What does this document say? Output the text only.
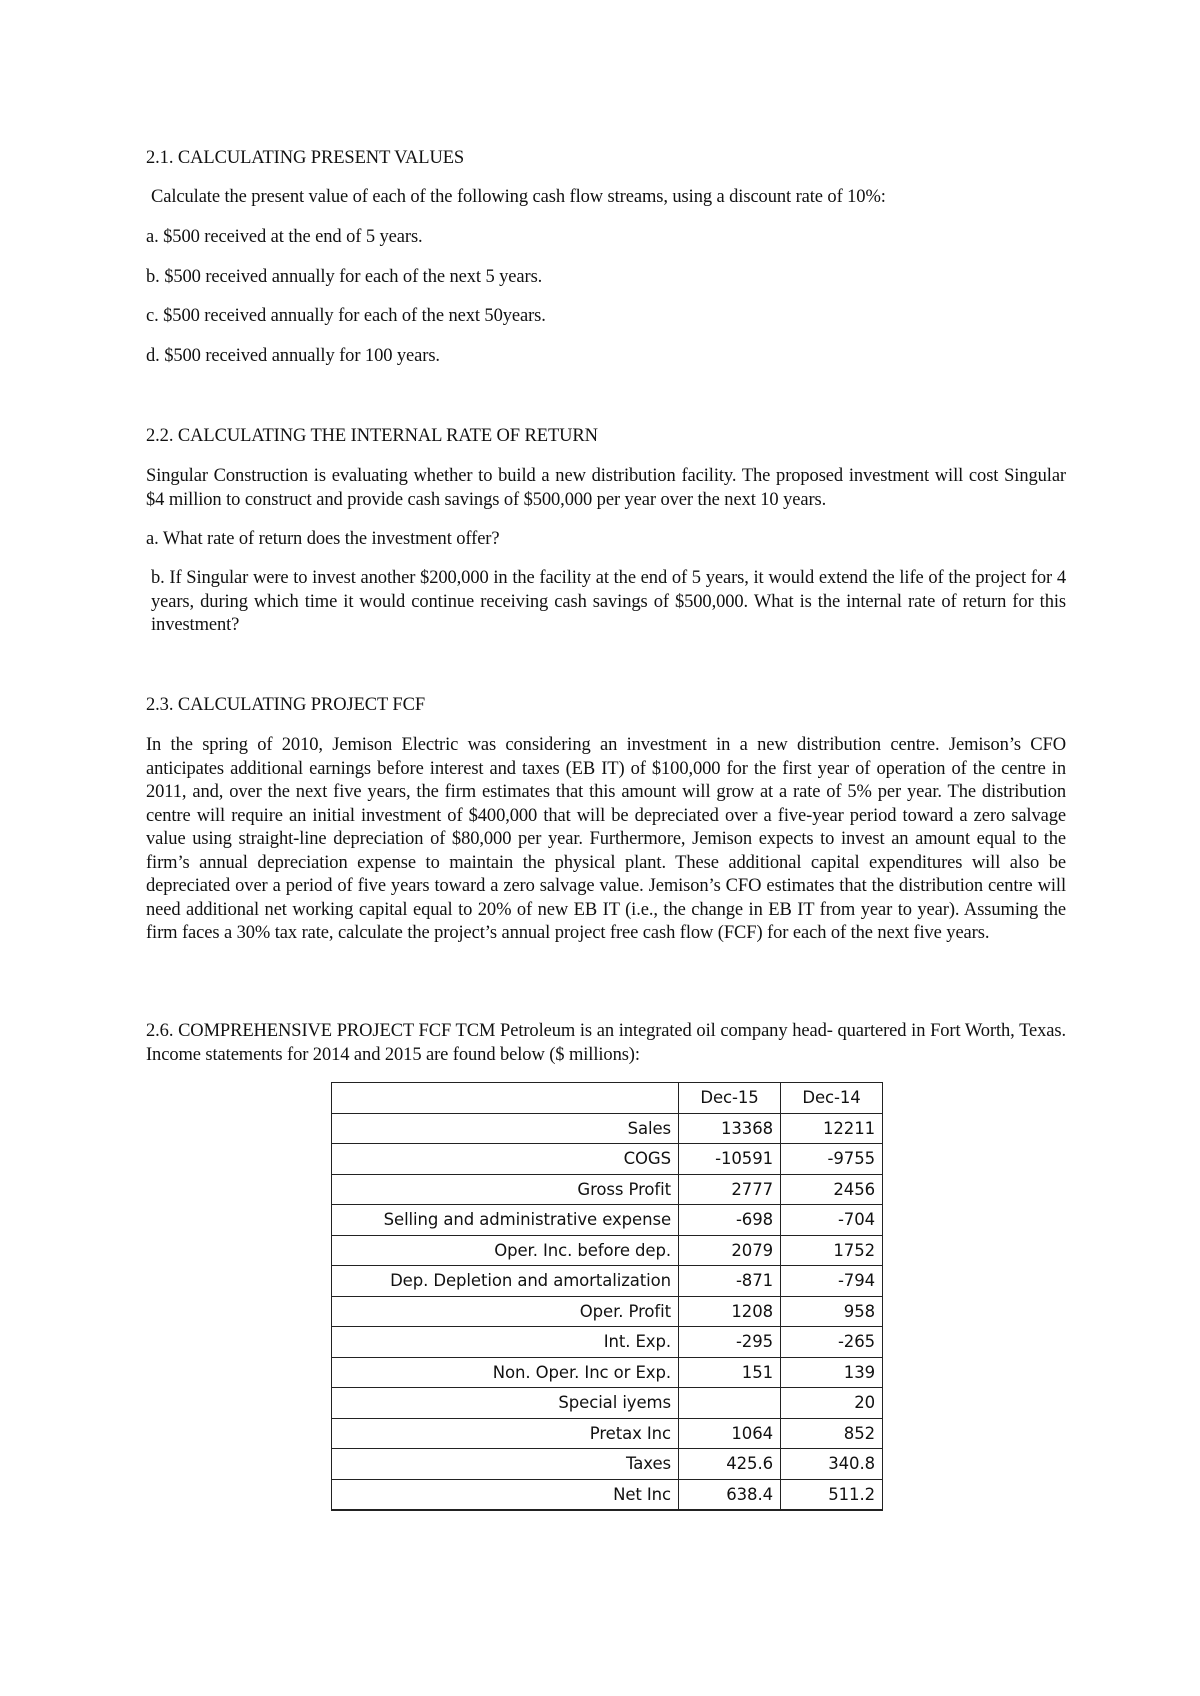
2.1. CALCULATING PRESENT VALUES
Calculate the present value of each of the following cash flow streams, using a discount rate of 10%:
a. $500 received at the end of 5 years.
b. $500 received annually for each of the next 5 years.
c. $500 received annually for each of the next 50years.
d. $500 received annually for 100 years.
2.2. CALCULATING THE INTERNAL RATE OF RETURN
Singular Construction is evaluating whether to build a new distribution facility. The proposed investment will cost Singular $4 million to construct and provide cash savings of $500,000 per year over the next 10 years.
a. What rate of return does the investment offer?
b. If Singular were to invest another $200,000 in the facility at the end of 5 years, it would extend the life of the project for 4 years, during which time it would continue receiving cash savings of $500,000. What is the internal rate of return for this investment?
2.3. CALCULATING PROJECT FCF
In the spring of 2010, Jemison Electric was considering an investment in a new distribution centre. Jemison’s CFO anticipates additional earnings before interest and taxes (EB IT) of $100,000 for the first year of operation of the centre in 2011, and, over the next five years, the firm estimates that this amount will grow at a rate of 5% per year. The distribution centre will require an initial investment of $400,000 that will be depreciated over a five-year period toward a zero salvage value using straight-line depreciation of $80,000 per year. Furthermore, Jemison expects to invest an amount equal to the firm’s annual depreciation expense to maintain the physical plant. These additional capital expenditures will also be depreciated over a period of five years toward a zero salvage value. Jemison’s CFO estimates that the distribution centre will need additional net working capital equal to 20% of new EB IT (i.e., the change in EB IT from year to year). Assuming the firm faces a 30% tax rate, calculate the project’s annual project free cash flow (FCF) for each of the next five years.
2.6. COMPREHENSIVE PROJECT FCF TCM Petroleum is an integrated oil company head- quartered in Fort Worth, Texas. Income statements for 2014 and 2015 are found below ($ millions):
	Dec-15	Dec-14
Sales	13368	12211
COGS	-10591	-9755
Gross Profit	2777	2456
Selling and administrative expense	-698	-704
Oper. Inc. before dep.	2079	1752
Dep. Depletion and amortalization	-871	-794
Oper. Profit	1208	958
Int. Exp.	-295	-265
Non. Oper. Inc or Exp.	151	139
Special iyems		20
Pretax Inc	1064	852
Taxes	425.6	340.8
Net Inc	638.4	511.2
